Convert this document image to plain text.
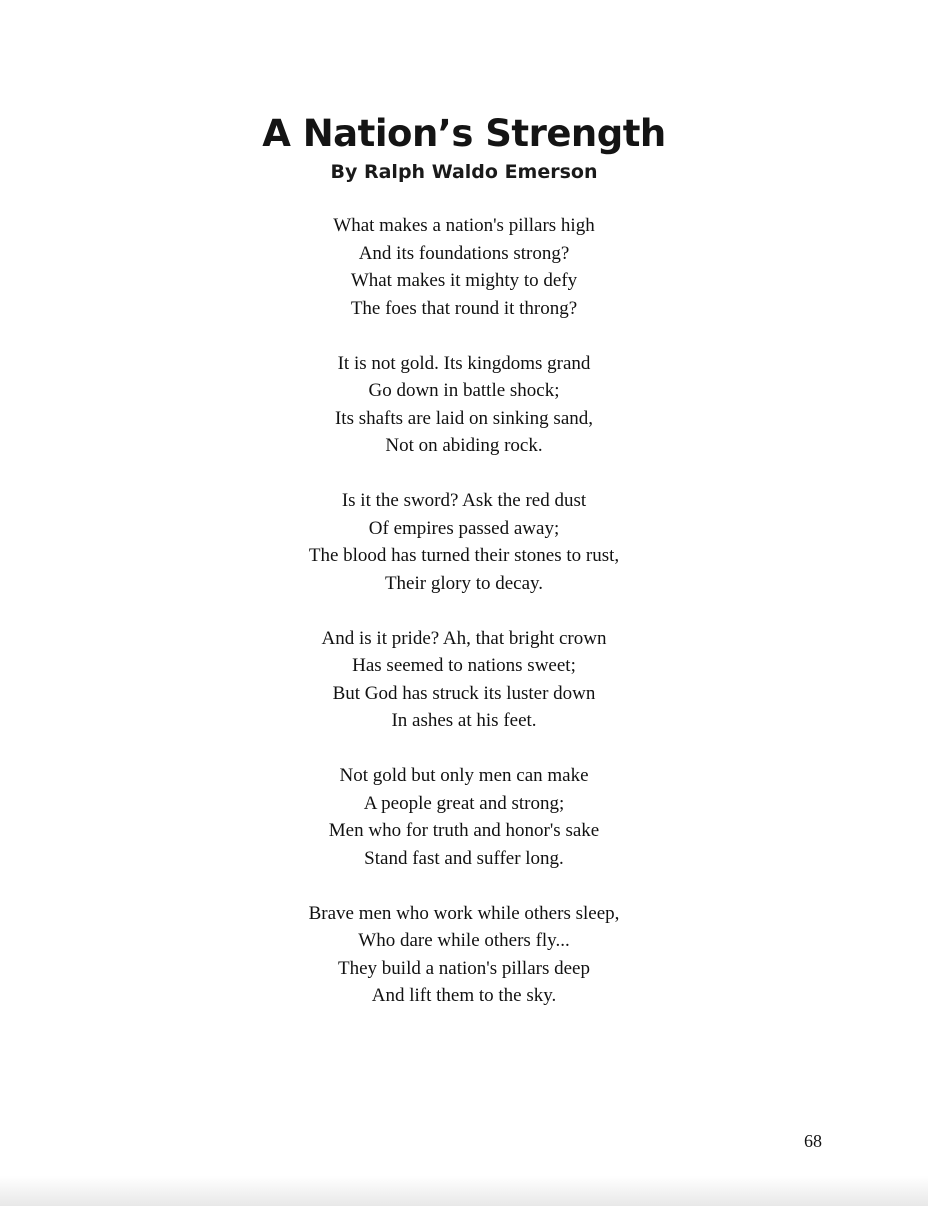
A Nation’s Strength
By Ralph Waldo Emerson
What makes a nation's pillars high
And its foundations strong?
What makes it mighty to defy
The foes that round it throng?
It is not gold. Its kingdoms grand
Go down in battle shock;
Its shafts are laid on sinking sand,
Not on abiding rock.
Is it the sword? Ask the red dust
Of empires passed away;
The blood has turned their stones to rust,
Their glory to decay.
And is it pride? Ah, that bright crown
Has seemed to nations sweet;
But God has struck its luster down
In ashes at his feet.
Not gold but only men can make
A people great and strong;
Men who for truth and honor's sake
Stand fast and suffer long.
Brave men who work while others sleep,
Who dare while others fly...
They build a nation's pillars deep
And lift them to the sky.
68
